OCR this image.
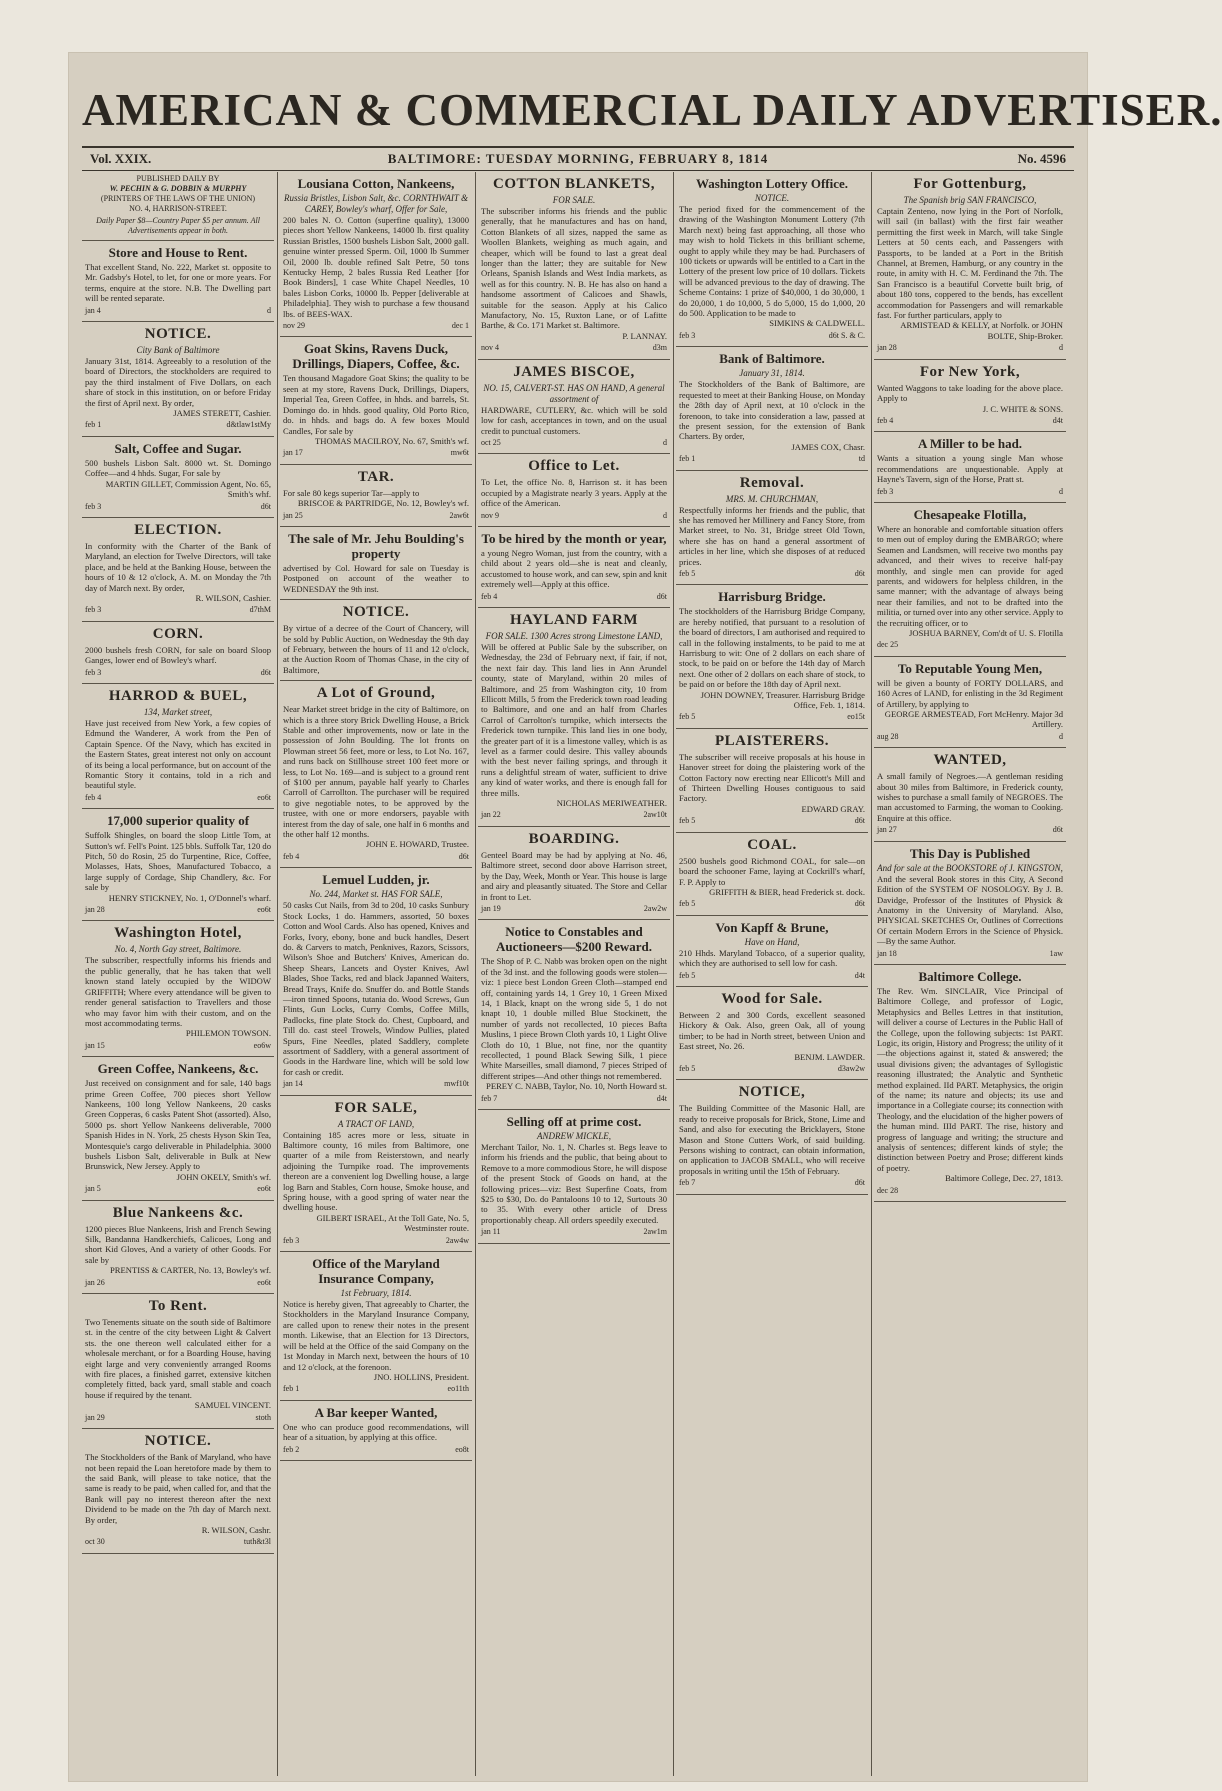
AMERICAN & COMMERCIAL DAILY ADVERTISER.
Vol. XXIX.	BALTIMORE: TUESDAY MORNING, FEBRUARY 8, 1814	No. 4596
PUBLISHED DAILY BY
W. PECHIN & G. DOBBIN & MURPHY
(PRINTERS OF THE LAWS OF THE UNION)
NO. 4, HARRISON-STREET.
Daily Paper $8—Country Paper $5 per annum. All Advertisements appear in both.
Store and House to Rent.
That excellent Stand, No. 222, Market st. opposite to Mr. Gadsby's Hotel, to let, for one or more years. For terms, enquire at the store. N.B. The Dwelling part will be rented separate.
jan 4	d
NOTICE.
City Bank of Baltimore
January 31st, 1814. Agreeably to a resolution of the board of Directors, the stockholders are required to pay the third instalment of Five Dollars, on each share of stock in this institution, on or before Friday the first of April next. By order,
JAMES STERETT, Cashier.
feb 1	d&tlaw1stMy
Salt, Coffee and Sugar.
500 bushels Lisbon Salt. 8000 wt. St. Domingo Coffee—and 4 hhds. Sugar, For sale by
MARTIN GILLET, Commission Agent, No. 65, Smith's whf.
feb 3	d6t
ELECTION.
In conformity with the Charter of the Bank of Maryland, an election for Twelve Directors, will take place, and be held at the Banking House, between the hours of 10 & 12 o'clock, A. M. on Monday the 7th day of March next. By order,
R. WILSON, Cashier.
feb 3	d7thM
CORN.
2000 bushels fresh CORN, for sale on board Sloop Ganges, lower end of Bowley's wharf.
feb 3	d6t
HARROD & BUEL,
134, Market street,
Have just received from New York, a few copies of Edmund the Wanderer, A work from the Pen of Captain Spence. Of the Navy, which has excited in the Eastern States, great interest not only on account of its being a local performance, but on account of the Romantic Story it contains, told in a rich and beautiful style.
feb 4	eo6t
17,000 superior quality of
Suffolk Shingles, on board the sloop Little Tom, at Sutton's wf. Fell's Point. 125 bbls. Suffolk Tar, 120 do Pitch, 50 do Rosin, 25 do Turpentine, Rice, Coffee, Molasses, Hats, Shoes, Manufactured Tobacco, a large supply of Cordage, Ship Chandlery, &c. For sale by
HENRY STICKNEY, No. 1, O'Donnel's wharf.
jan 28	eo6t
Washington Hotel,
No. 4, North Gay street, Baltimore.
The subscriber, respectfully informs his friends and the public generally, that he has taken that well known stand lately occupied by the WIDOW GRIFFITH; Where every attendance will be given to render general satisfaction to Travellers and those who may favor him with their custom, and on the most accommodating terms.
PHILEMON TOWSON.
jan 15	eo6w
Green Coffee, Nankeens, &c.
Just received on consignment and for sale, 140 bags prime Green Coffee, 700 pieces short Yellow Nankeens, 100 long Yellow Nankeens, 20 casks Green Copperas, 6 casks Patent Shot (assorted). Also, 5000 ps. short Yellow Nankeens deliverable, 7000 Spanish Hides in N. York, 25 chests Hyson Skin Tea, Montesquie's cargo deliverable in Philadelphia. 3000 bushels Lisbon Salt, deliverable in Bulk at New Brunswick, New Jersey. Apply to
JOHN OKELY, Smith's wf.
jan 5	eo6t
Blue Nankeens &c.
1200 pieces Blue Nankeens, Irish and French Sewing Silk, Bandanna Handkerchiefs, Calicoes, Long and short Kid Gloves, And a variety of other Goods. For sale by
PRENTISS & CARTER, No. 13, Bowley's wf.
jan 26	eo6t
To Rent.
Two Tenements situate on the south side of Baltimore st. in the centre of the city between Light & Calvert sts. the one thereon well calculated either for a wholesale merchant, or for a Boarding House, having eight large and very conveniently arranged Rooms with fire places, a finished garret, extensive kitchen completely fitted, back yard, small stable and coach house if required by the tenant.
SAMUEL VINCENT.
jan 29	stoth
NOTICE.
The Stockholders of the Bank of Maryland, who have not been repaid the Loan heretofore made by them to the said Bank, will please to take notice, that the same is ready to be paid, when called for, and that the Bank will pay no interest thereon after the next Dividend to be made on the 7th day of March next. By order,
R. WILSON, Cashr.
oct 30	tuth&t3l
Lousiana Cotton, Nankeens,
Russia Bristles, Lisbon Salt, &c. CORNTHWAIT & CAREY, Bowley's wharf, Offer for Sale,
200 bales N. O. Cotton (superfine quality), 13000 pieces short Yellow Nankeens, 14000 lb. first quality Russian Bristles, 1500 bushels Lisbon Salt, 2000 gall. genuine winter pressed Sperm. Oil, 1000 lb Summer Oil, 2000 lb. double refined Salt Petre, 50 tons Kentucky Hemp, 2 bales Russia Red Leather [for Book Binders], 1 case White Chapel Needles, 10 bales Lisbon Corks, 10000 lb. Pepper [deliverable at Philadelphia]. They wish to purchase a few thousand lbs. of BEES-WAX.
nov 29	dec 1
Goat Skins, Ravens Duck, Drillings, Diapers, Coffee, &c.
Ten thousand Magadore Goat Skins; the quality to be seen at my store, Ravens Duck, Drillings, Diapers, Imperial Tea, Green Coffee, in hhds. and barrels, St. Domingo do. in hhds. good quality, Old Porto Rico, do. in hhds. and bags do. A few boxes Mould Candles, For sale by
THOMAS MACILROY, No. 67, Smith's wf.
jan 17	mw6t
TAR.
For sale 80 kegs superior Tar—apply to
BRISCOE & PARTRIDGE, No. 12, Bowley's wf.
jan 25	2aw6t
The sale of Mr. Jehu Boulding's property
advertised by Col. Howard for sale on Tuesday is Postponed on account of the weather to WEDNESDAY the 9th inst.
NOTICE.
By virtue of a decree of the Court of Chancery, will be sold by Public Auction, on Wednesday the 9th day of February, between the hours of 11 and 12 o'clock, at the Auction Room of Thomas Chase, in the city of Baltimore,
A Lot of Ground,
Near Market street bridge in the city of Baltimore, on which is a three story Brick Dwelling House, a Brick Stable and other improvements, now or late in the possession of John Boulding. The lot fronts on Plowman street 56 feet, more or less, to Lot No. 167, and runs back on Stillhouse street 100 feet more or less, to Lot No. 169—and is subject to a ground rent of $100 per annum, payable half yearly to Charles Carroll of Carrollton. The purchaser will be required to give negotiable notes, to be approved by the trustee, with one or more endorsers, payable with interest from the day of sale, one half in 6 months and the other half 12 months.
JOHN E. HOWARD, Trustee.
feb 4	d6t
Lemuel Ludden, jr.
No. 244, Market st. HAS FOR SALE,
50 casks Cut Nails, from 3d to 20d, 10 casks Sunbury Stock Locks, 1 do. Hammers, assorted, 50 boxes Cotton and Wool Cards. Also has opened, Knives and Forks, Ivory, ebony, bone and buck handles, Desert do. & Carvers to match, Penknives, Razors, Scissors, Wilson's Shoe and Butchers' Knives, American do. Sheep Shears, Lancets and Oyster Knives, Awl Blades, Shoe Tacks, red and black Japanned Waiters, Bread Trays, Knife do. Snuffer do. and Bottle Stands—iron tinned Spoons, tutania do. Wood Screws, Gun Flints, Gun Locks, Curry Combs, Coffee Mills, Padlocks, fine plate Stock do. Chest, Cupboard, and Till do. cast steel Trowels, Window Pullies, plated Spurs, Fine Needles, plated Saddlery, complete assortment of Saddlery, with a general assortment of Goods in the Hardware line, which will be sold low for cash or credit.
jan 14	mwf10t
FOR SALE,
A TRACT OF LAND,
Containing 185 acres more or less, situate in Baltimore county, 16 miles from Baltimore, one quarter of a mile from Reisterstown, and nearly adjoining the Turnpike road. The improvements thereon are a convenient log Dwelling house, a large log Barn and Stables, Corn house, Smoke house, and Spring house, with a good spring of water near the dwelling house.
GILBERT ISRAEL, At the Toll Gate, No. 5, Westminster route.
feb 3	2aw4w
Office of the Maryland Insurance Company,
1st February, 1814.
Notice is hereby given, That agreeably to Charter, the Stockholders in the Maryland Insurance Company, are called upon to renew their notes in the present month. Likewise, that an Election for 13 Directors, will be held at the Office of the said Company on the 1st Monday in March next, between the hours of 10 and 12 o'clock, at the forenoon.
JNO. HOLLINS, President.
feb 1	eo11th
A Bar keeper Wanted,
One who can produce good recommendations, will hear of a situation, by applying at this office.
feb 2	eo8t
COTTON BLANKETS,
FOR SALE.
The subscriber informs his friends and the public generally, that he manufactures and has on hand, Cotton Blankets of all sizes, napped the same as Woollen Blankets, weighing as much again, and cheaper, which will be found to last a great deal longer than the latter; they are suitable for New Orleans, Spanish Islands and West India markets, as well as for this country. N. B. He has also on hand a handsome assortment of Calicoes and Shawls, suitable for the season. Apply at his Calico Manufactory, No. 15, Ruxton Lane, or of Lafitte Barthe, & Co. 171 Market st. Baltimore.
P. LANNAY.
nov 4	d3m
JAMES BISCOE,
NO. 15, CALVERT-ST. HAS ON HAND, A general assortment of
HARDWARE, CUTLERY, &c. which will be sold low for cash, acceptances in town, and on the usual credit to punctual customers.
oct 25	d
Office to Let.
To Let, the office No. 8, Harrison st. it has been occupied by a Magistrate nearly 3 years. Apply at the office of the American.
nov 9	d
To be hired by the month or year,
a young Negro Woman, just from the country, with a child about 2 years old—she is neat and cleanly, accustomed to house work, and can sew, spin and knit extremely well—Apply at this office.
feb 4	d6t
HAYLAND FARM
FOR SALE. 1300 Acres strong Limestone LAND,
Will be offered at Public Sale by the subscriber, on Wednesday, the 23d of February next, if fair, if not, the next fair day. This land lies in Ann Arundel county, state of Maryland, within 20 miles of Baltimore, and 25 from Washington city, 10 from Ellicott Mills, 5 from the Frederick town road leading to Baltimore, and one and an half from Charles Carrol of Carrolton's turnpike, which intersects the Frederick town turnpike. This land lies in one body, the greater part of it is a limestone valley, which is as level as a farmer could desire. This valley abounds with the best never failing springs, and through it runs a delightful stream of water, sufficient to drive any kind of water works, and there is enough fall for three mills.
NICHOLAS MERIWEATHER.
jan 22	2aw10t
BOARDING.
Genteel Board may be had by applying at No. 46, Baltimore street, second door above Harrison street, by the Day, Week, Month or Year. This house is large and airy and pleasantly situated. The Store and Cellar in front to Let.
jan 19	2aw2w
Notice to Constables and Auctioneers—$200 Reward.
The Shop of P. C. Nabb was broken open on the night of the 3d inst. and the following goods were stolen—viz: 1 piece best London Green Cloth—stamped end off, containing yards 14, 1 Grey 10, 1 Green Mixed 14, 1 Black, knapt on the wrong side 5, 1 do not knapt 10, 1 double milled Blue Stockinett, the number of yards not recollected, 10 pieces Bafta Muslins, 1 piece Brown Cloth yards 10, 1 Light Olive Cloth do 10, 1 Blue, not fine, nor the quantity recollected, 1 pound Black Sewing Silk, 1 piece White Marseilles, small diamond, 7 pieces Striped of different stripes—And other things not remembered.
PEREY C. NABB, Taylor, No. 10, North Howard st.
feb 7	d4t
Selling off at prime cost.
ANDREW MICKLE,
Merchant Tailor, No. 1, N. Charles st. Begs leave to inform his friends and the public, that being about to Remove to a more commodious Store, he will dispose of the present Stock of Goods on hand, at the following prices—viz: Best Superfine Coats, from $25 to $30, Do. do Pantaloons 10 to 12, Surtouts 30 to 35. With every other article of Dress proportionably cheap. All orders speedily executed.
jan 11	2aw1m
Washington Lottery Office.
NOTICE.
The period fixed for the commencement of the drawing of the Washington Monument Lottery (7th March next) being fast approaching, all those who may wish to hold Tickets in this brilliant scheme, ought to apply while they may be had. Purchasers of 100 tickets or upwards will be entitled to a Cart in the Lottery of the present low price of 10 dollars. Tickets will be advanced previous to the day of drawing. The Scheme Contains: 1 prize of $40,000, 1 do 30,000, 1 do 20,000, 1 do 10,000, 5 do 5,000, 15 do 1,000, 20 do 500. Application to be made to
SIMKINS & CALDWELL.
feb 3	d6t S. & C.
Bank of Baltimore.
January 31, 1814.
The Stockholders of the Bank of Baltimore, are requested to meet at their Banking House, on Monday the 28th day of April next, at 10 o'clock in the forenoon, to take into consideration a law, passed at the present session, for the extension of Bank Charters. By order,
JAMES COX, Chasr.
feb 1	td
Removal.
MRS. M. CHURCHMAN,
Respectfully informs her friends and the public, that she has removed her Millinery and Fancy Store, from Market street, to No. 31, Bridge street Old Town, where she has on hand a general assortment of articles in her line, which she disposes of at reduced prices.
feb 5	d6t
Harrisburg Bridge.
The stockholders of the Harrisburg Bridge Company, are hereby notified, that pursuant to a resolution of the board of directors, I am authorised and required to call in the following instalments, to be paid to me at Harrisburg to wit: One of 2 dollars on each share of stock, to be paid on or before the 14th day of March next. One other of 2 dollars on each share of stock, to be paid on or before the 18th day of April next.
JOHN DOWNEY, Treasurer. Harrisburg Bridge Office, Feb. 1, 1814.
feb 5	eo15t
PLAISTERERS.
The subscriber will receive proposals at his house in Hanover street for doing the plaistering work of the Cotton Factory now erecting near Ellicott's Mill and of Thirteen Dwelling Houses contiguous to said Factory.
EDWARD GRAY.
feb 5	d6t
COAL.
2500 bushels good Richmond COAL, for sale—on board the schooner Fame, laying at Cockrill's wharf, F. P. Apply to
GRIFFITH & BIER, head Frederick st. dock.
feb 5	d6t
Von Kapff & Brune,
Have on Hand,
210 Hhds. Maryland Tobacco, of a superior quality, which they are authorised to sell low for cash.
feb 5	d4t
Wood for Sale.
Between 2 and 300 Cords, excellent seasoned Hickory & Oak. Also, green Oak, all of young timber; to be had in North street, between Union and East street, No. 26.
BENJM. LAWDER.
feb 5	d3aw2w
NOTICE,
The Building Committee of the Masonic Hall, are ready to receive proposals for Brick, Stone, Lime and Sand, and also for executing the Bricklayers, Stone Mason and Stone Cutters Work, of said building. Persons wishing to contract, can obtain information, on application to JACOB SMALL, who will receive proposals in writing until the 15th of February.
feb 7	d6t
For Gottenburg,
The Spanish brig SAN FRANCISCO,
Captain Zenteno, now lying in the Port of Norfolk, will sail (in ballast) with the first fair weather permitting the first week in March, will take Single Letters at 50 cents each, and Passengers with Passports, to be landed at a Port in the British Channel, at Bremen, Hamburg, or any country in the route, in amity with H. C. M. Ferdinand the 7th. The San Francisco is a beautiful Corvette built brig, of about 180 tons, coppered to the bends, has excellent accommodation for Passengers and will remarkable fast. For further particulars, apply to
ARMISTEAD & KELLY, at Norfolk. or JOHN BOLTE, Ship-Broker.
jan 28	d
For New York,
Wanted Waggons to take loading for the above place. Apply to
J. C. WHITE & SONS.
feb 4	d4t
A Miller to be had.
Wants a situation a young single Man whose recommendations are unquestionable. Apply at Hayne's Tavern, sign of the Horse, Pratt st.
feb 3	d
Chesapeake Flotilla,
Where an honorable and comfortable situation offers to men out of employ during the EMBARGO; where Seamen and Landsmen, will receive two months pay advanced, and their wives to receive half-pay monthly, and single men can provide for aged parents, and widowers for helpless children, in the same manner; with the advantage of always being near their families, and not to be drafted into the militia, or turned over into any other service. Apply to the recruiting officer, or to
JOSHUA BARNEY, Com'dt of U. S. Flotilla
dec 25
To Reputable Young Men,
will be given a bounty of FORTY DOLLARS, and 160 Acres of LAND, for enlisting in the 3d Regiment of Artillery, by applying to
GEORGE ARMESTEAD, Fort McHenry. Major 3d Artillery.
aug 28	d
WANTED,
A small family of Negroes.—A gentleman residing about 30 miles from Baltimore, in Frederick county, wishes to purchase a small family of NEGROES. The man accustomed to Farming, the woman to Cooking. Enquire at this office.
jan 27	d6t
This Day is Published
And for sale at the BOOKSTORE of J. KINGSTON,
And the several Book stores in this City, A Second Edition of the SYSTEM OF NOSOLOGY. By J. B. Davidge, Professor of the Institutes of Physick & Anatomy in the University of Maryland. Also, PHYSICAL SKETCHES Or, Outlines of Corrections Of certain Modern Errors in the Science of Physick.—By the same Author.
jan 18	1aw
Baltimore College.
The Rev. Wm. SINCLAIR, Vice Principal of Baltimore College, and professor of Logic, Metaphysics and Belles Lettres in that institution, will deliver a course of Lectures in the Public Hall of the College, upon the following subjects: 1st PART. Logic, its origin, History and Progress; the utility of it—the objections against it, stated & answered; the usual divisions given; the advantages of Syllogistic reasoning illustrated; the Analytic and Synthetic method explained. IId PART. Metaphysics, the origin of the name; its nature and objects; its use and importance in a Collegiate course; its connection with Theology, and the elucidation of the higher powers of the human mind. IIId PART. The rise, history and progress of language and writing; the structure and analysis of sentences; different kinds of style; the distinction between Poetry and Prose; different kinds of poetry.
Baltimore College, Dec. 27, 1813.
dec 28
